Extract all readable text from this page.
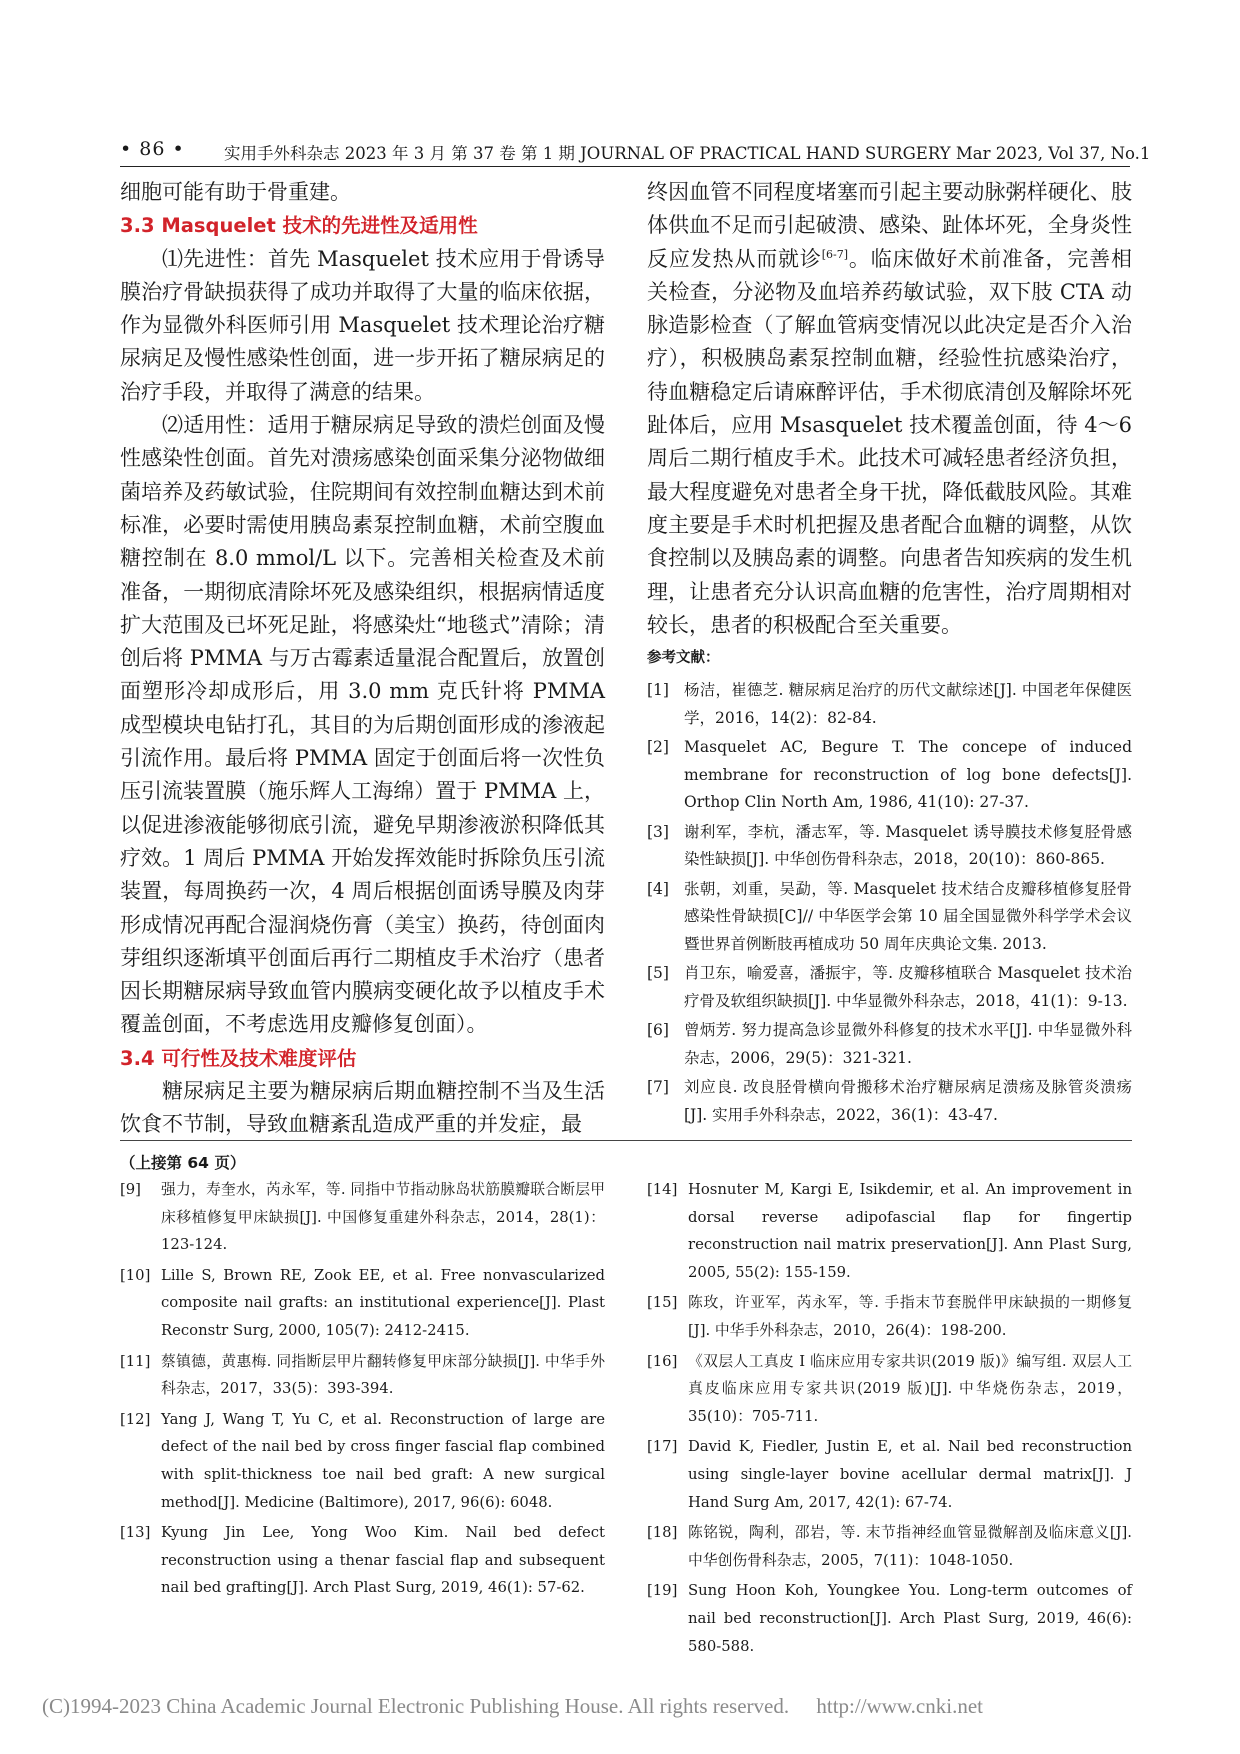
• 86 • 实用手外科杂志 2023 年 3 月 第 37 卷 第 1 期 JOURNAL OF PRACTICAL HAND SURGERY Mar 2023, Vol 37, No.1

细胞可能有助于骨重建。

3.3 Masquelet 技术的先进性及适用性

⑴先进性：首先 Masquelet 技术应用于骨诱导膜治疗骨缺损获得了成功并取得了大量的临床依据，作为显微外科医师引用 Masquelet 技术理论治疗糖尿病足及慢性感染性创面，进一步开拓了糖尿病足的治疗手段，并取得了满意的结果。

⑵适用性：适用于糖尿病足导致的溃烂创面及慢性感染性创面。首先对溃疡感染创面采集分泌物做细菌培养及药敏试验，住院期间有效控制血糖达到术前标准，必要时需使用胰岛素泵控制血糖，术前空腹血糖控制在 8.0 mmol/L 以下。完善相关检查及术前准备，一期彻底清除坏死及感染组织，根据病情适度扩大范围及已坏死足趾，将感染灶“地毯式”清除；清创后将 PMMA 与万古霉素适量混合配置后，放置创面塑形冷却成形后，用 3.0 mm 克氏针将 PMMA 成型模块电钻打孔，其目的为后期创面形成的渗液起引流作用。最后将 PMMA 固定于创面后将一次性负压引流装置膜（施乐辉人工海绵）置于 PMMA 上，以促进渗液能够彻底引流，避免早期渗液淤积降低其疗效。1 周后 PMMA 开始发挥效能时拆除负压引流装置，每周换药一次，4 周后根据创面诱导膜及肉芽形成情况再配合湿润烧伤膏（美宝）换药，待创面肉芽组织逐渐填平创面后再行二期植皮手术治疗（患者因长期糖尿病导致血管内膜病变硬化故予以植皮手术覆盖创面，不考虑选用皮瓣修复创面）。

3.4 可行性及技术难度评估

糖尿病足主要为糖尿病后期血糖控制不当及生活饮食不节制，导致血糖紊乱造成严重的并发症，最

终因血管不同程度堵塞而引起主要动脉粥样硬化、肢体供血不足而引起破溃、感染、趾体坏死，全身炎性反应发热从而就诊[6-7]。临床做好术前准备，完善相关检查，分泌物及血培养药敏试验，双下肢 CTA 动脉造影检查（了解血管病变情况以此决定是否介入治疗），积极胰岛素泵控制血糖，经验性抗感染治疗，待血糖稳定后请麻醉评估，手术彻底清创及解除坏死趾体后，应用 Msasquelet 技术覆盖创面，待 4～6 周后二期行植皮手术。此技术可减轻患者经济负担，最大程度避免对患者全身干扰，降低截肢风险。其难度主要是手术时机把握及患者配合血糖的调整，从饮食控制以及胰岛素的调整。向患者告知疾病的发生机理，让患者充分认识高血糖的危害性，治疗周期相对较长，患者的积极配合至关重要。

参考文献：
[1] 杨洁，崔德芝. 糖尿病足治疗的历代文献综述[J]. 中国老年保健医学，2016，14(2)：82-84.
[2] Masquelet AC, Begure T. The concepe of induced membrane for reconstruction of log bone defects[J]. Orthop Clin North Am, 1986, 41(10): 27-37.
[3] 谢利军，李杭，潘志军，等. Masquelet 诱导膜技术修复胫骨感染性缺损[J]. 中华创伤骨科杂志，2018，20(10)：860-865.
[4] 张朝，刘重，吴勐，等. Masquelet 技术结合皮瓣移植修复胫骨感染性骨缺损[C]// 中华医学会第 10 届全国显微外科学学术会议暨世界首例断肢再植成功 50 周年庆典论文集. 2013.
[5] 肖卫东，喻爱喜，潘振宇，等. 皮瓣移植联合 Masquelet 技术治疗骨及软组织缺损[J]. 中华显微外科杂志，2018，41(1)：9-13.
[6] 曾炳芳. 努力提高急诊显微外科修复的技术水平[J]. 中华显微外科杂志，2006，29(5)：321-321.
[7] 刘应良. 改良胫骨横向骨搬移术治疗糖尿病足溃疡及脉管炎溃疡[J]. 实用手外科杂志，2022，36(1)：43-47.
（上接第 64 页）
[9] 强力，寿奎水，芮永军，等. 同指中节指动脉岛状筋膜瓣联合断层甲床移植修复甲床缺损[J]. 中国修复重建外科杂志，2014，28(1)：123-124.
[10] Lille S, Brown RE, Zook EE, et al. Free nonvascularized composite nail grafts: an institutional experience[J]. Plast Reconstr Surg, 2000, 105(7): 2412-2415.
[11] 蔡镇德，黄惠梅. 同指断层甲片翻转修复甲床部分缺损[J]. 中华手外科杂志，2017，33(5)：393-394.
[12] Yang J, Wang T, Yu C, et al. Reconstruction of large are defect of the nail bed by cross finger fascial flap combined with split-thickness toe nail bed graft: A new surgical method[J]. Medicine (Baltimore), 2017, 96(6): 6048.
[13] Kyung Jin Lee, Yong Woo Kim. Nail bed defect reconstruction using a thenar fascial flap and subsequent nail bed grafting[J]. Arch Plast Surg, 2019, 46(1): 57-62.
[14] Hosnuter M, Kargi E, Isikdemir, et al. An improvement in dorsal reverse adipofascial flap for fingertip reconstruction nail matrix preservation[J]. Ann Plast Surg, 2005, 55(2): 155-159.
[15] 陈玫，许亚军，芮永军，等. 手指末节套脱伴甲床缺损的一期修复[J]. 中华手外科杂志，2010，26(4)：198-200.
[16] 《双层人工真皮 I 临床应用专家共识(2019 版)》编写组. 双层人工真皮临床应用专家共识(2019 版)[J]. 中华烧伤杂志，2019，35(10)：705-711.
[17] David K, Fiedler, Justin E, et al. Nail bed reconstruction using single-layer bovine acellular dermal matrix[J]. J Hand Surg Am, 2017, 42(1): 67-74.
[18] 陈铭锐，陶利，邵岩，等. 末节指神经血管显微解剖及临床意义[J]. 中华创伤骨科杂志，2005，7(11)：1048-1050.
[19] Sung Hoon Koh, Youngkee You. Long-term outcomes of nail bed reconstruction[J]. Arch Plast Surg, 2019, 46(6): 580-588.
(C)1994-2023 China Academic Journal Electronic Publishing House. All rights reserved. http://www.cnki.net
